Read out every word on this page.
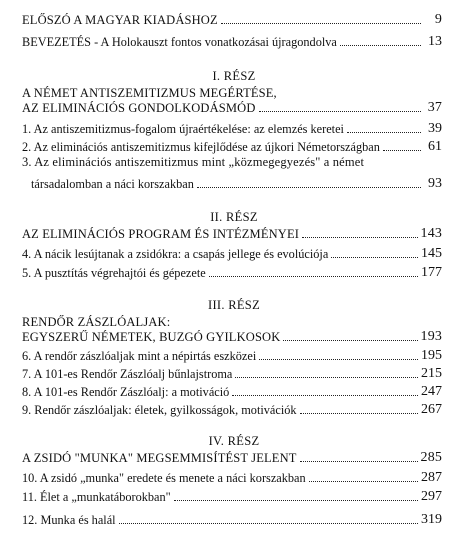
ELŐSZÓ A MAGYAR KIADÁSHOZ	9
BEVEZETÉS - A Holokauszt fontos vonatkozásai újragondolva	13
I. RÉSZ
A NÉMET ANTISZEMITIZMUS MEGÉRTÉSE,
AZ ELIMINÁCIÓS GONDOLKODÁSMÓD	37
1. Az antiszemitizmus-fogalom újraértékelése: az elemzés keretei	39
2. Az eliminációs antiszemitizmus kifejlődése az újkori Németországban	61
3. Az eliminációs antiszemitizmus mint „közmegegyezés" a német
társadalomban a náci korszakban	93
II. RÉSZ
AZ ELIMINÁCIÓS PROGRAM ÉS INTÉZMÉNYEI	143
4. A nácik lesújtanak a zsidókra: a csapás jellege és evolúciója	145
5. A pusztítás végrehajtói és gépezete	177
III. RÉSZ
RENDŐR ZÁSZLÓALJAK:
EGYSZERŰ NÉMETEK, BUZGÓ GYILKOSOK	193
6. A rendőr zászlóaljak mint a népirtás eszközei	195
7. A 101-es Rendőr Zászlóalj bűnlajstroma	215
8. A 101-es Rendőr Zászlóalj: a motiváció	247
9. Rendőr zászlóaljak: életek, gyilkosságok, motivációk	267
IV. RÉSZ
A ZSIDÓ "MUNKA" MEGSEMMISÍTÉST JELENT	285
10. A zsidó „munka" eredete és menete a náci korszakban	287
11. Élet a „munkatáborokban"	297
12. Munka és halál	319
